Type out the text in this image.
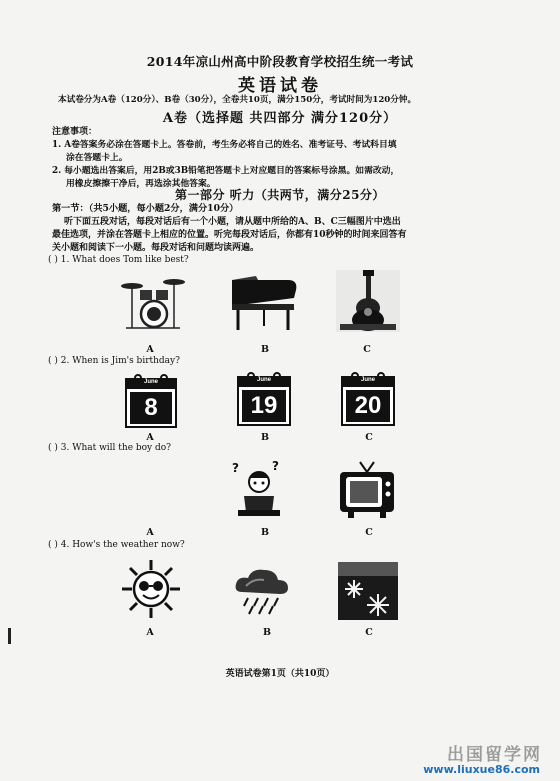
2014年凉山州高中阶段教育学校招生统一考试
英语试卷
本试卷分为A卷（120分）、B卷（30分），全卷共10页，满分150分，考试时间为120分钟。
A卷（选择题 共四部分 满分120分）
注意事项：
1. A卷答案务必涂在答题卡上。答卷前，考生务必将自己的姓名、准考证号、考试科目填
涂在答题卡上。
2. 每小题选出答案后，用2B或3B铅笔把答题卡上对应题目的答案标号涂黑。如需改动，
用橡皮擦擦干净后，再选涂其他答案。
第一部分 听力（共两节，满分25分）
第一节：（共5小题，每小题2分，满分10分）
听下面五段对话，每段对话后有一个小题，请从题中所给的A、B、C三幅图片中选出
最佳选项，并涂在答题卡上相应的位置。听完每段对话后，你都有10秒钟的时间来回答有
关小题和阅读下一小题。每段对话和问题均读两遍。
( ) 1. What does Tom like best?
A	B	C
( ) 2. When is Jim's birthday?
June
8
June
19
June
20
A	B	C
( ) 3. What will the boy do?
?	?
A	B	C
( ) 4. How's the weather now?
A	B	C
英语试卷第1页（共10页）
出国留学网
www.liuxue86.com
